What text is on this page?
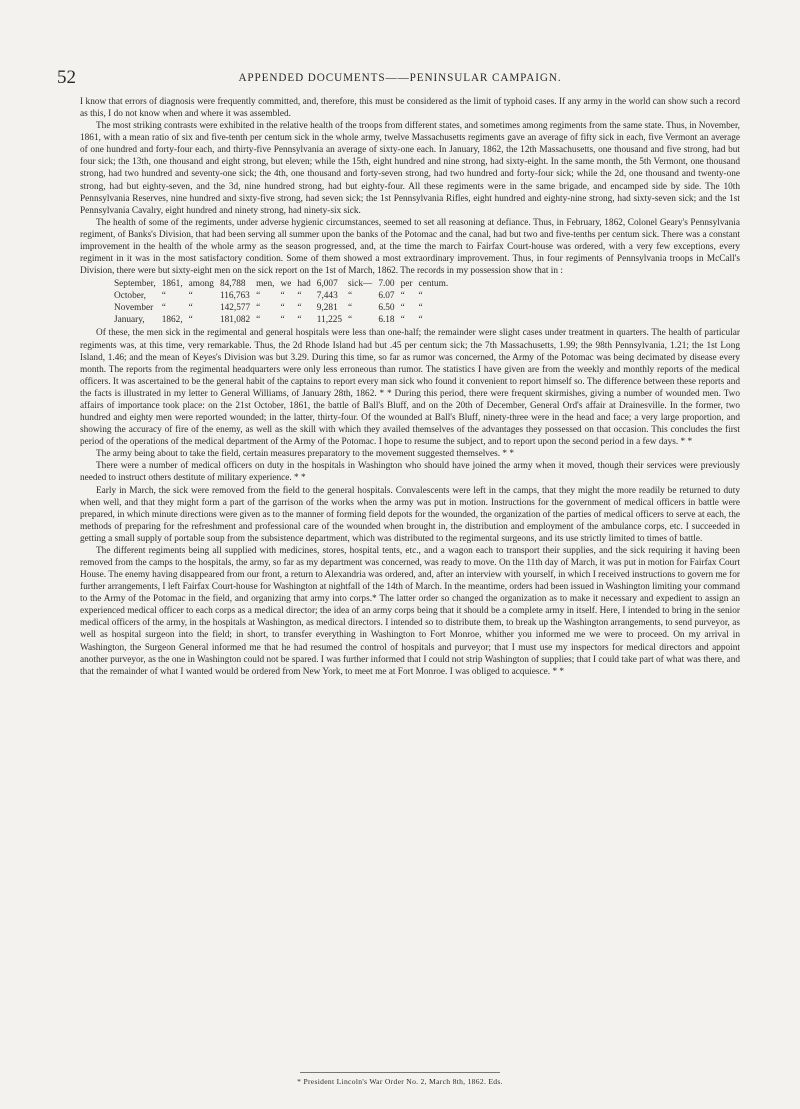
52	APPENDED DOCUMENTS——PENINSULAR CAMPAIGN.

I know that errors of diagnosis were frequently committed, and, therefore, this must be considered as the limit of typhoid cases. If any army in the world can show such a record as this, I do not know when and where it was assembled.

The most striking contrasts were exhibited in the relative health of the troops from different states, and sometimes among regiments from the same state. Thus, in November, 1861, with a mean ratio of six and five-tenth per centum sick in the whole army, twelve Massachusetts regiments gave an average of fifty sick in each, five Vermont an average of one hundred and forty-four each, and thirty-five Pennsylvania an average of sixty-one each. In January, 1862, the 12th Massachusetts, one thousand and five strong, had but four sick; the 13th, one thousand and eight strong, but eleven; while the 15th, eight hundred and nine strong, had sixty-eight. In the same month, the 5th Vermont, one thousand strong, had two hundred and seventy-one sick; the 4th, one thousand and forty-seven strong, had two hundred and forty-four sick; while the 2d, one thousand and twenty-one strong, had but eighty-seven, and the 3d, nine hundred strong, had but eighty-four. All these regiments were in the same brigade, and encamped side by side. The 10th Pennsylvania Reserves, nine hundred and sixty-five strong, had seven sick; the 1st Pennsylvania Rifles, eight hundred and eighty-nine strong, had sixty-seven sick; and the 1st Pennsylvania Cavalry, eight hundred and ninety strong, had ninety-six sick.

The health of some of the regiments, under adverse hygienic circumstances, seemed to set all reasoning at defiance. Thus, in February, 1862, Colonel Geary's Pennsylvania regiment, of Banks's Division, that had been serving all summer upon the banks of the Potomac and the canal, had but two and five-tenths per centum sick. There was a constant improvement in the health of the whole army as the season progressed, and, at the time the march to Fairfax Court-house was ordered, with a very few exceptions, every regiment in it was in the most satisfactory condition. Some of them showed a most extraordinary improvement. Thus, in four regiments of Pennsylvania troops in McCall's Division, there were but sixty-eight men on the sick report on the 1st of March, 1862. The records in my possession show that in :

September,	1861,	among	84,788	men,	we	had	6,007	sick—	7.00	per	centum.
October,	“	“	116,763	“	“	“	7,443	“	6.07	“	“
November	“	“	142,577	“	“	“	9,281	“	6.50	“	“
January,	1862,	“	181,082	“	“	“	11,225	“	6.18	“	“

Of these, the men sick in the regimental and general hospitals were less than one-half; the remainder were slight cases under treatment in quarters. The health of particular regiments was, at this time, very remarkable. Thus, the 2d Rhode Island had but .45 per centum sick; the 7th Massachusetts, 1.99; the 98th Pennsylvania, 1.21; the 1st Long Island, 1.46; and the mean of Keyes's Division was but 3.29. During this time, so far as rumor was concerned, the Army of the Potomac was being decimated by disease every month. The reports from the regimental headquarters were only less erroneous than rumor. The statistics I have given are from the weekly and monthly reports of the medical officers. It was ascertained to be the general habit of the captains to report every man sick who found it convenient to report himself so. The difference between these reports and the facts is illustrated in my letter to General Williams, of January 28th, 1862. * * During this period, there were frequent skirmishes, giving a number of wounded men. Two affairs of importance took place: on the 21st October, 1861, the battle of Ball's Bluff, and on the 20th of December, General Ord's affair at Drainesville. In the former, two hundred and eighty men were reported wounded; in the latter, thirty-four. Of the wounded at Ball's Bluff, ninety-three were in the head and face; a very large proportion, and showing the accuracy of fire of the enemy, as well as the skill with which they availed themselves of the advantages they possessed on that occasion. This concludes the first period of the operations of the medical department of the Army of the Potomac. I hope to resume the subject, and to report upon the second period in a few days. * *

The army being about to take the field, certain measures preparatory to the movement suggested themselves. * *

There were a number of medical officers on duty in the hospitals in Washington who should have joined the army when it moved, though their services were previously needed to instruct others destitute of military experience. * *

Early in March, the sick were removed from the field to the general hospitals. Convalescents were left in the camps, that they might the more readily be returned to duty when well, and that they might form a part of the garrison of the works when the army was put in motion. Instructions for the government of medical officers in battle were prepared, in which minute directions were given as to the manner of forming field depots for the wounded, the organization of the parties of medical officers to serve at each, the methods of preparing for the refreshment and professional care of the wounded when brought in, the distribution and employment of the ambulance corps, etc. I succeeded in getting a small supply of portable soup from the subsistence department, which was distributed to the regimental surgeons, and its use strictly limited to times of battle.

The different regiments being all supplied with medicines, stores, hospital tents, etc., and a wagon each to transport their supplies, and the sick requiring it having been removed from the camps to the hospitals, the army, so far as my department was concerned, was ready to move. On the 11th day of March, it was put in motion for Fairfax Court House. The enemy having disappeared from our front, a return to Alexandria was ordered, and, after an interview with yourself, in which I received instructions to govern me for further arrangements, I left Fairfax Court-house for Washington at nightfall of the 14th of March. In the meantime, orders had been issued in Washington limiting your command to the Army of the Potomac in the field, and organizing that army into corps.* The latter order so changed the organization as to make it necessary and expedient to assign an experienced medical officer to each corps as a medical director; the idea of an army corps being that it should be a complete army in itself. Here, I intended to bring in the senior medical officers of the army, in the hospitals at Washington, as medical directors. I intended so to distribute them, to break up the Washington arrangements, to send purveyor, as well as hospital surgeon into the field; in short, to transfer everything in Washington to Fort Monroe, whither you informed me we were to proceed. On my arrival in Washington, the Surgeon General informed me that he had resumed the control of hospitals and purveyor; that I must use my inspectors for medical directors and appoint another purveyor, as the one in Washington could not be spared. I was further informed that I could not strip Washington of supplies; that I could take part of what was there, and that the remainder of what I wanted would be ordered from New York, to meet me at Fort Monroe. I was obliged to acquiesce. * *

* President Lincoln's War Order No. 2, March 8th, 1862. Eds.
